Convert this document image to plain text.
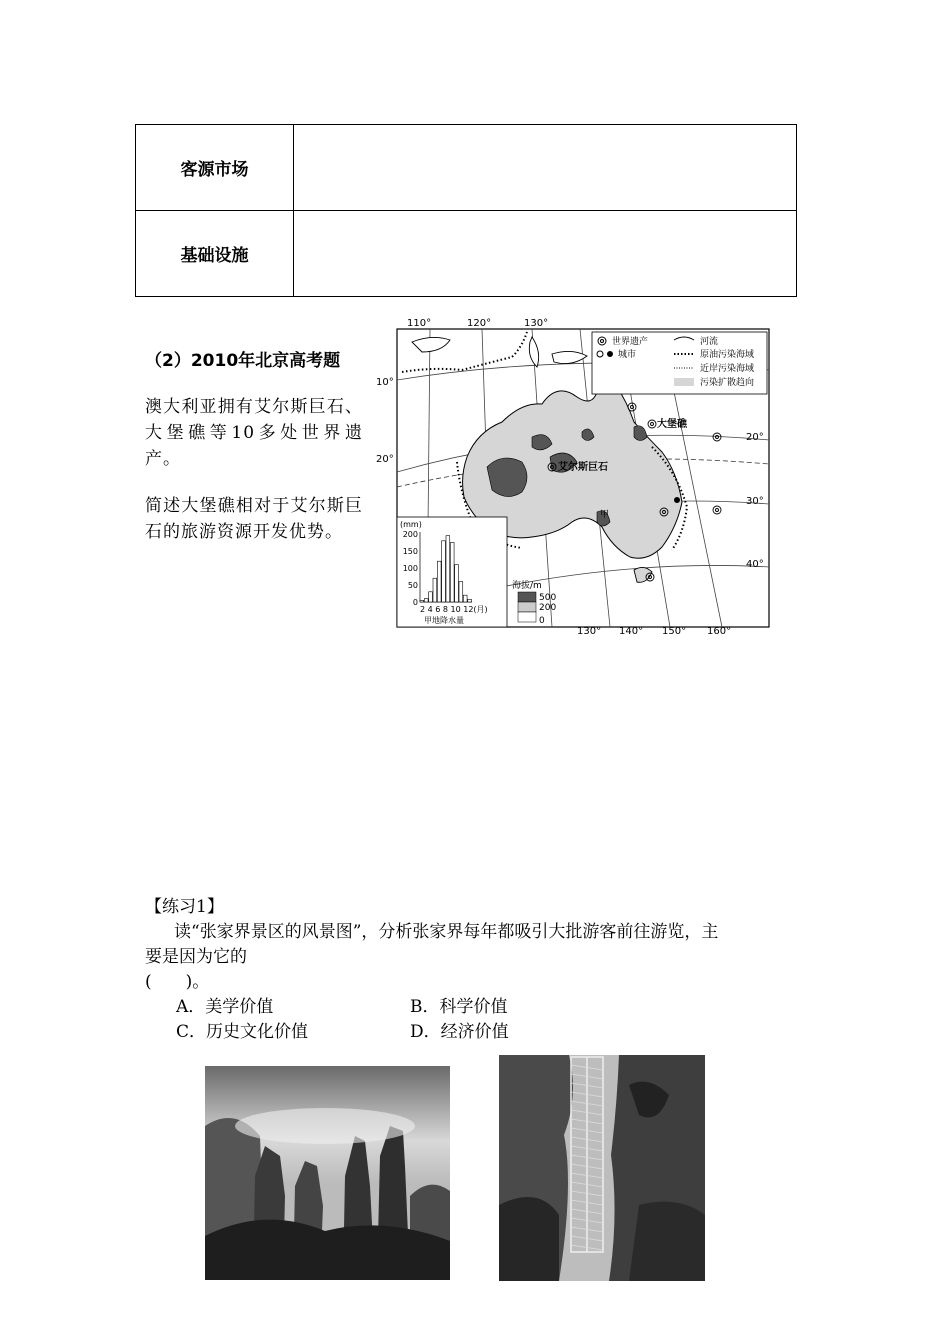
客源市场	
基础设施	
（2）2010年北京高考题
澳大利亚拥有艾尔斯巨石、大堡礁等10多处世界遗产。
简述大堡礁相对于艾尔斯巨石的旅游资源开发优势。
大堡礁
艾尔斯巨石
甲
世界遗产	河流
城市	原油污染海域
近岸污染海域
污染扩散趋向
海拔/m
500
200
0
(mm)
200
150
100
50
0
2 4 6 8 10 12(月)
甲地降水量
110°	120°	130°
130° 140° 150° 160°
10°
20°
20°
30°
40°
【练习1】
读“张家界景区的风景图”，分析张家界每年都吸引大批游客前往游览，主
要是因为它的
(　　)。
A．美学价值	B．科学价值
C．历史文化价值	D．经济价值
